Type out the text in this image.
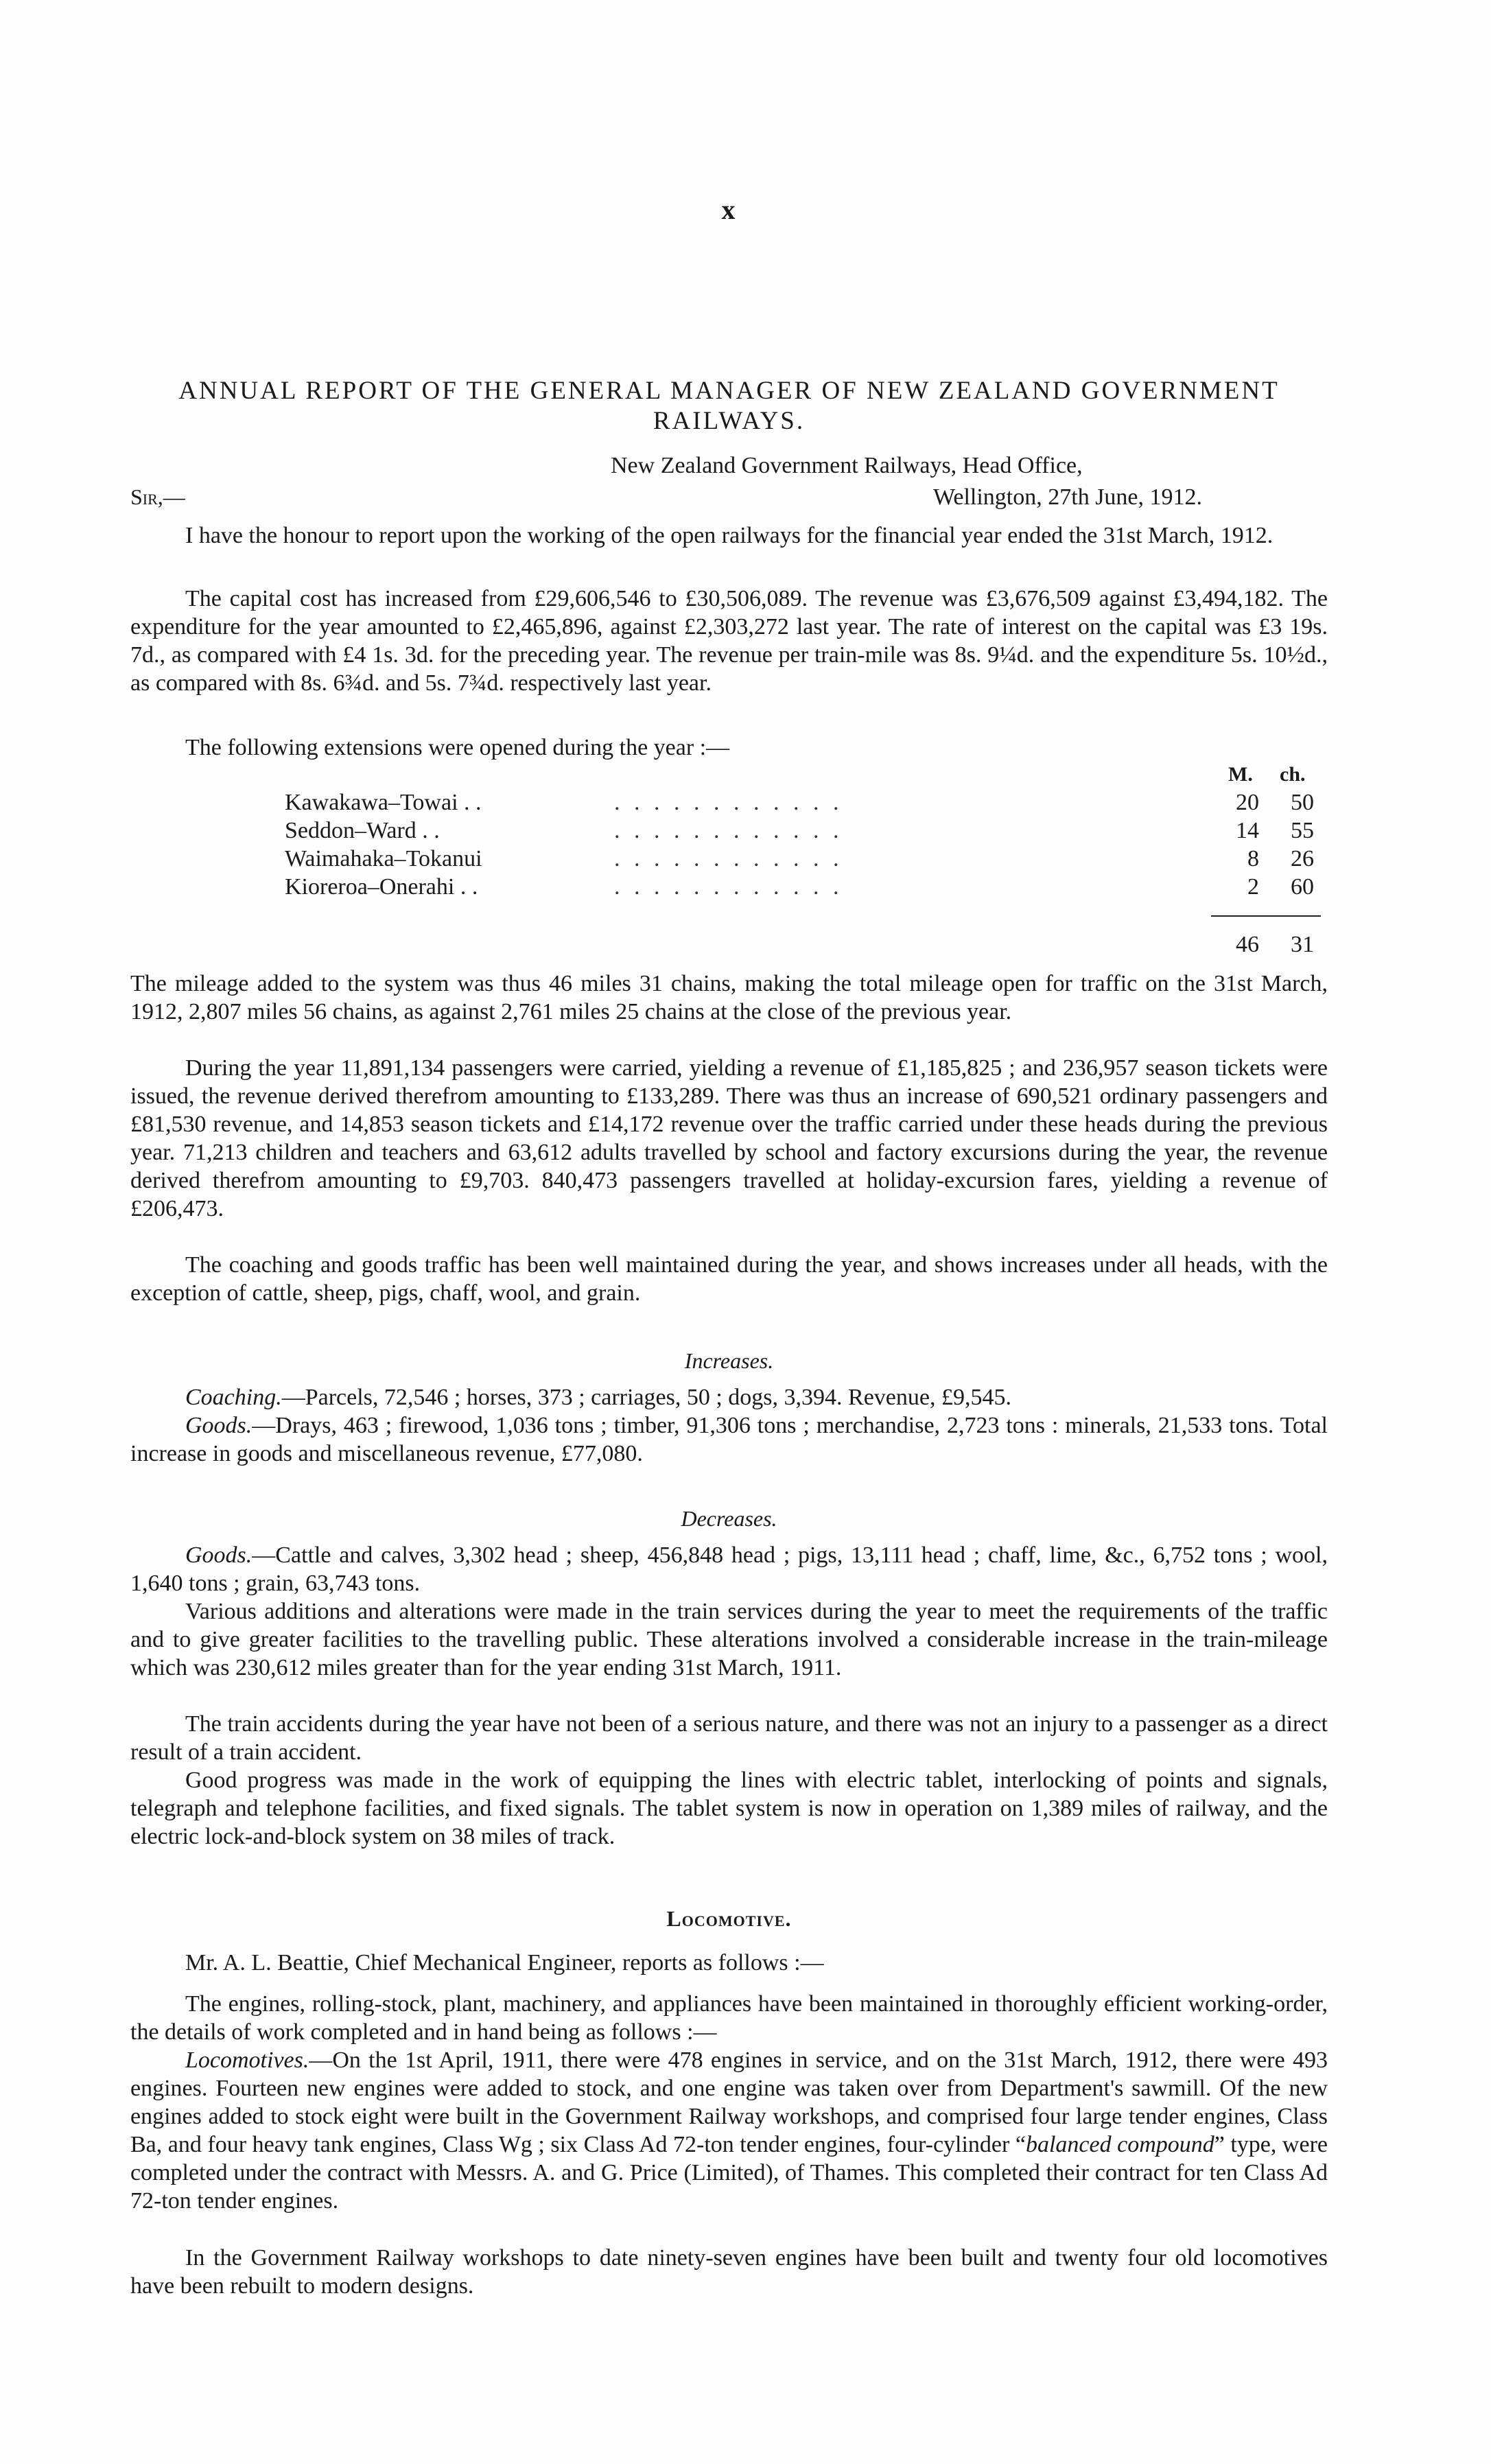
x
ANNUAL REPORT OF THE GENERAL MANAGER OF NEW ZEALAND GOVERNMENT RAILWAYS.
New Zealand Government Railways, Head Office,
Sir,—	Wellington, 27th June, 1912.

I have the honour to report upon the working of the open railways for the financial year ended the 31st March, 1912.

The capital cost has increased from £29,606,546 to £30,506,089. The revenue was £3,676,509 against £3,494,182. The expenditure for the year amounted to £2,465,896, against £2,303,272 last year. The rate of interest on the capital was £3 19s. 7d., as compared with £4 1s. 3d. for the preceding year. The revenue per train-mile was 8s. 9¼d. and the expenditure 5s. 10½d., as compared with 8s. 6¾d. and 5s. 7¾d. respectively last year.

The following extensions were opened during the year :—

M. ch.
Kawakawa–Towai . .	. . . . . . . . . . . .	20	50
Seddon–Ward . .	. . . . . . . . . . . .	14	55
Waimahaka–Tokanui	. . . . . . . . . . . .	8	26
Kioreroa–Onerahi . .	. . . . . . . . . . . .	2	60
46	31

The mileage added to the system was thus 46 miles 31 chains, making the total mileage open for traffic on the 31st March, 1912, 2,807 miles 56 chains, as against 2,761 miles 25 chains at the close of the previous year.

During the year 11,891,134 passengers were carried, yielding a revenue of £1,185,825 ; and 236,957 season tickets were issued, the revenue derived therefrom amounting to £133,289. There was thus an increase of 690,521 ordinary passengers and £81,530 revenue, and 14,853 season tickets and £14,172 revenue over the traffic carried under these heads during the previous year. 71,213 children and teachers and 63,612 adults travelled by school and factory excursions during the year, the revenue derived therefrom amounting to £9,703. 840,473 passengers travelled at holiday-excursion fares, yielding a revenue of £206,473.

The coaching and goods traffic has been well maintained during the year, and shows increases under all heads, with the exception of cattle, sheep, pigs, chaff, wool, and grain.

Increases.

Coaching.—Parcels, 72,546 ; horses, 373 ; carriages, 50 ; dogs, 3,394. Revenue, £9,545.

Goods.—Drays, 463 ; firewood, 1,036 tons ; timber, 91,306 tons ; merchandise, 2,723 tons : minerals, 21,533 tons. Total increase in goods and miscellaneous revenue, £77,080.

Decreases.

Goods.—Cattle and calves, 3,302 head ; sheep, 456,848 head ; pigs, 13,111 head ; chaff, lime, &c., 6,752 tons ; wool, 1,640 tons ; grain, 63,743 tons.

Various additions and alterations were made in the train services during the year to meet the requirements of the traffic and to give greater facilities to the travelling public. These alterations involved a considerable increase in the train-mileage which was 230,612 miles greater than for the year ending 31st March, 1911.

The train accidents during the year have not been of a serious nature, and there was not an injury to a passenger as a direct result of a train accident.

Good progress was made in the work of equipping the lines with electric tablet, interlocking of points and signals, telegraph and telephone facilities, and fixed signals. The tablet system is now in operation on 1,389 miles of railway, and the electric lock-and-block system on 38 miles of track.

Locomotive.

Mr. A. L. Beattie, Chief Mechanical Engineer, reports as follows :—

The engines, rolling-stock, plant, machinery, and appliances have been maintained in thoroughly efficient working-order, the details of work completed and in hand being as follows :—

Locomotives.—On the 1st April, 1911, there were 478 engines in service, and on the 31st March, 1912, there were 493 engines. Fourteen new engines were added to stock, and one engine was taken over from Department's sawmill. Of the new engines added to stock eight were built in the Government Railway workshops, and comprised four large tender engines, Class Ba, and four heavy tank engines, Class Wg ; six Class Ad 72-ton tender engines, four-cylinder “balanced compound” type, were completed under the contract with Messrs. A. and G. Price (Limited), of Thames. This completed their contract for ten Class Ad 72-ton tender engines.

In the Government Railway workshops to date ninety-seven engines have been built and twenty four old locomotives have been rebuilt to modern designs.
